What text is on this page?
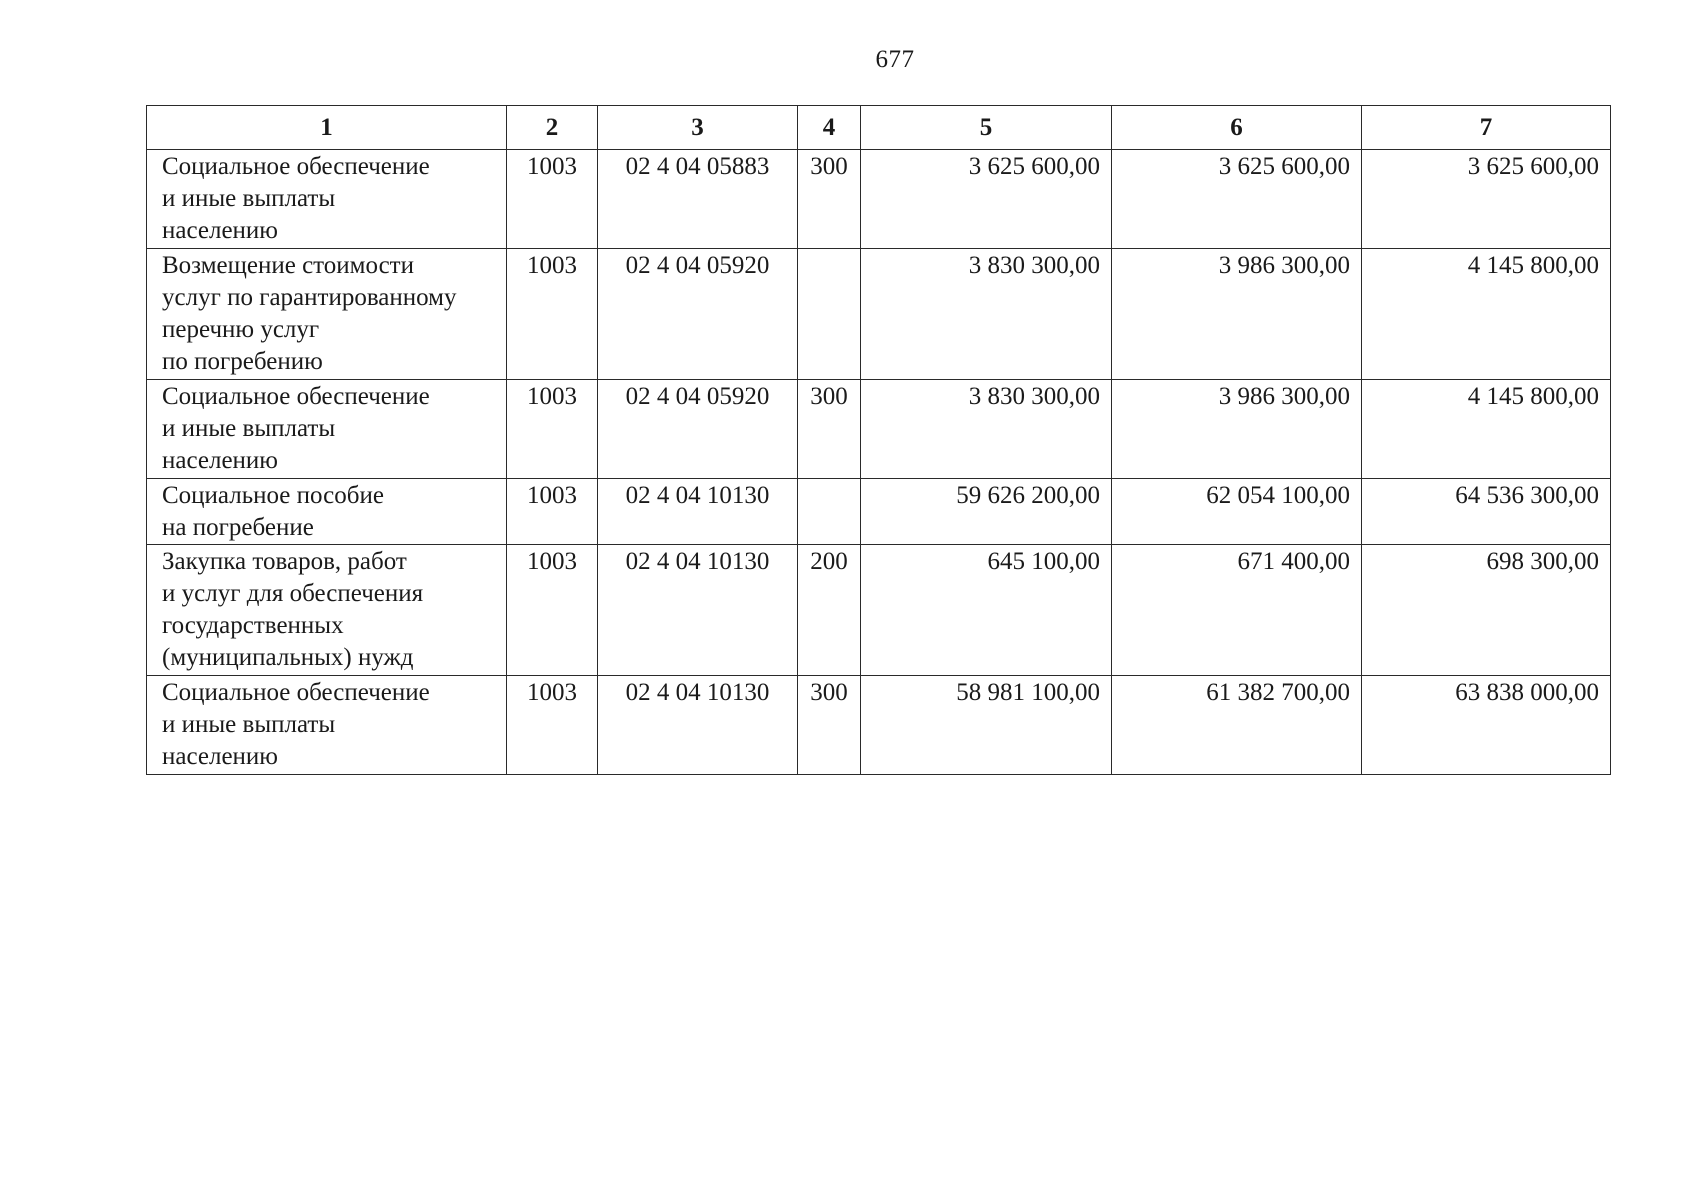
677
1	2	3	4	5	6	7

Социальное обеспечение
и иные выплаты
населению	1003	02 4 04 05883	300	3 625 600,00	3 625 600,00	3 625 600,00

Возмещение стоимости
услуг по гарантированному
перечню услуг
по погребению	1003	02 4 04 05920		3 830 300,00	3 986 300,00	4 145 800,00

Социальное обеспечение
и иные выплаты
населению	1003	02 4 04 05920	300	3 830 300,00	3 986 300,00	4 145 800,00

Социальное пособие
на погребение	1003	02 4 04 10130		59 626 200,00	62 054 100,00	64 536 300,00

Закупка товаров, работ
и услуг для обеспечения
государственных
(муниципальных) нужд	1003	02 4 04 10130	200	645 100,00	671 400,00	698 300,00

Социальное обеспечение
и иные выплаты
населению	1003	02 4 04 10130	300	58 981 100,00	61 382 700,00	63 838 000,00
